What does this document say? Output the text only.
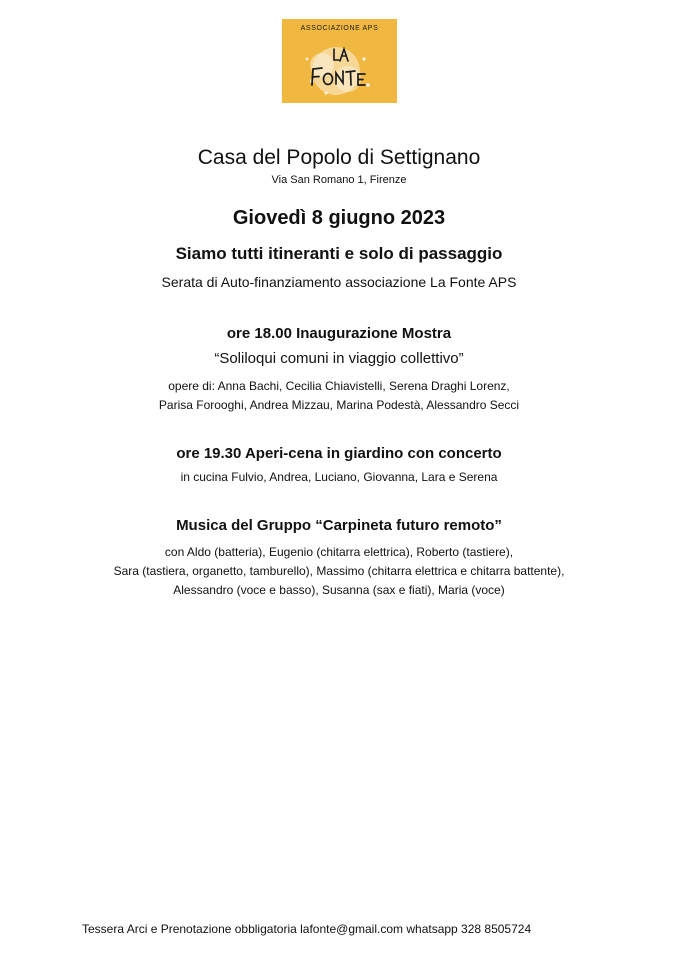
ASSOCIAZIONE APS
Casa del Popolo di Settignano
Via San Romano 1, Firenze
Giovedì 8 giugno 2023
Siamo tutti itineranti e solo di passaggio
Serata di Auto-finanziamento associazione La Fonte APS
ore 18.00 Inaugurazione Mostra
“Soliloqui comuni in viaggio collettivo”
opere di: Anna Bachi, Cecilia Chiavistelli, Serena Draghi Lorenz,
Parisa Forooghi, Andrea Mizzau, Marina Podestà, Alessandro Secci
ore 19.30 Aperi-cena in giardino con concerto
in cucina Fulvio, Andrea, Luciano, Giovanna, Lara e Serena
Musica del Gruppo “Carpineta futuro remoto”
con Aldo (batteria), Eugenio (chitarra elettrica), Roberto (tastiere),
Sara (tastiera, organetto, tamburello), Massimo (chitarra elettrica e chitarra battente),
Alessandro (voce e basso), Susanna (sax e fiati), Maria (voce)
Tessera Arci e Prenotazione obbligatoria lafonte@gmail.com whatsapp 328 8505724
